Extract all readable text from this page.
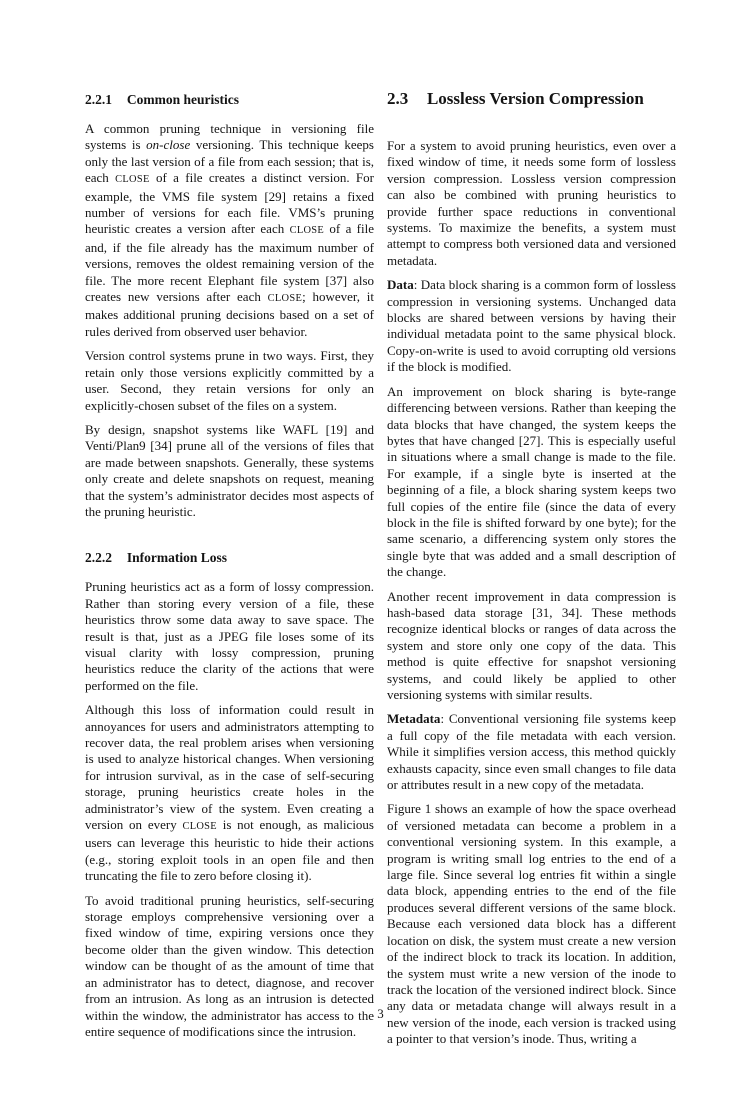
2.2.1 Common heuristics

A common pruning technique in versioning file systems is on-close versioning. This technique keeps only the last version of a file from each session; that is, each CLOSE of a file creates a distinct version. For example, the VMS file system [29] retains a fixed number of versions for each file. VMS’s pruning heuristic creates a version after each CLOSE of a file and, if the file already has the maximum number of versions, removes the oldest remaining version of the file. The more recent Elephant file system [37] also creates new versions after each CLOSE; however, it makes additional pruning decisions based on a set of rules derived from observed user behavior.

Version control systems prune in two ways. First, they retain only those versions explicitly committed by a user. Second, they retain versions for only an explicitly-chosen subset of the files on a system.

By design, snapshot systems like WAFL [19] and Venti/Plan9 [34] prune all of the versions of files that are made between snapshots. Generally, these systems only create and delete snapshots on request, meaning that the system’s administrator decides most aspects of the pruning heuristic.

2.2.2 Information Loss

Pruning heuristics act as a form of lossy compression. Rather than storing every version of a file, these heuristics throw some data away to save space. The result is that, just as a JPEG file loses some of its visual clarity with lossy compression, pruning heuristics reduce the clarity of the actions that were performed on the file.

Although this loss of information could result in annoyances for users and administrators attempting to recover data, the real problem arises when versioning is used to analyze historical changes. When versioning for intrusion survival, as in the case of self-securing storage, pruning heuristics create holes in the administrator’s view of the system. Even creating a version on every CLOSE is not enough, as malicious users can leverage this heuristic to hide their actions (e.g., storing exploit tools in an open file and then truncating the file to zero before closing it).

To avoid traditional pruning heuristics, self-securing storage employs comprehensive versioning over a fixed window of time, expiring versions once they become older than the given window. This detection window can be thought of as the amount of time that an administrator has to detect, diagnose, and recover from an intrusion. As long as an intrusion is detected within the window, the administrator has access to the entire sequence of modifications since the intrusion.

2.3 Lossless Version Compression

For a system to avoid pruning heuristics, even over a fixed window of time, it needs some form of lossless version compression. Lossless version compression can also be combined with pruning heuristics to provide further space reductions in conventional systems. To maximize the benefits, a system must attempt to compress both versioned data and versioned metadata.

Data: Data block sharing is a common form of lossless compression in versioning systems. Unchanged data blocks are shared between versions by having their individual metadata point to the same physical block. Copy-on-write is used to avoid corrupting old versions if the block is modified.

An improvement on block sharing is byte-range differencing between versions. Rather than keeping the data blocks that have changed, the system keeps the bytes that have changed [27]. This is especially useful in situations where a small change is made to the file. For example, if a single byte is inserted at the beginning of a file, a block sharing system keeps two full copies of the entire file (since the data of every block in the file is shifted forward by one byte); for the same scenario, a differencing system only stores the single byte that was added and a small description of the change.

Another recent improvement in data compression is hash-based data storage [31, 34]. These methods recognize identical blocks or ranges of data across the system and store only one copy of the data. This method is quite effective for snapshot versioning systems, and could likely be applied to other versioning systems with similar results.

Metadata: Conventional versioning file systems keep a full copy of the file metadata with each version. While it simplifies version access, this method quickly exhausts capacity, since even small changes to file data or attributes result in a new copy of the metadata.

Figure 1 shows an example of how the space overhead of versioned metadata can become a problem in a conventional versioning system. In this example, a program is writing small log entries to the end of a large file. Since several log entries fit within a single data block, appending entries to the end of the file produces several different versions of the same block. Because each versioned data block has a different location on disk, the system must create a new version of the indirect block to track its location. In addition, the system must write a new version of the inode to track the location of the versioned indirect block. Since any data or metadata change will always result in a new version of the inode, each version is tracked using a pointer to that version’s inode. Thus, writing a

3
